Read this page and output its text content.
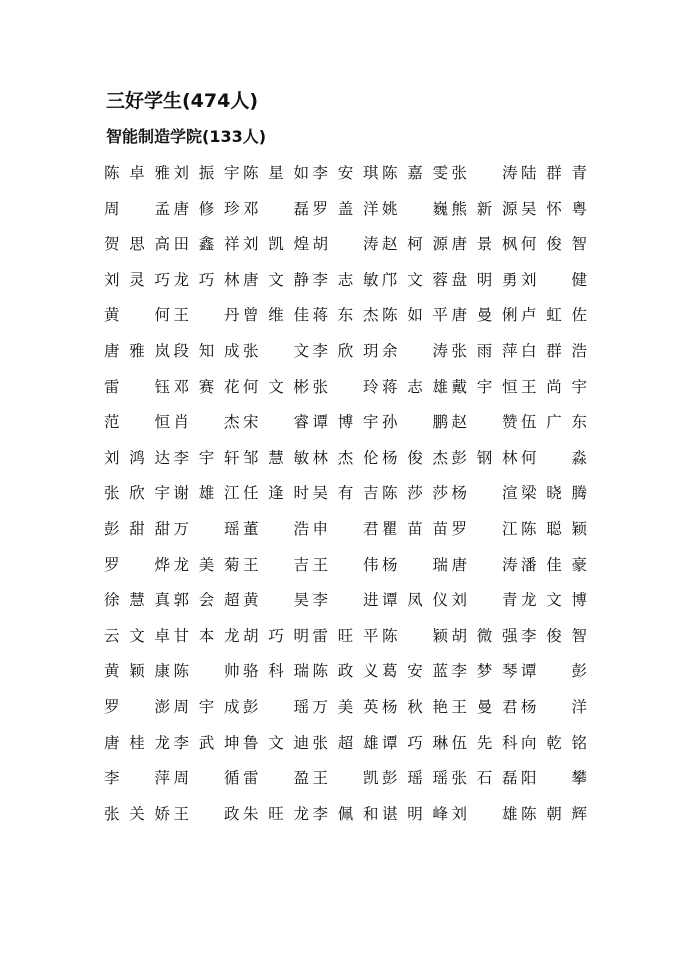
三好学生(474人)
智能制造学院(133人)
陈 卓 雅 刘 振 宇 陈 星 如 李 安 琪 陈 嘉 雯 张 涛 陆 群 青
周 孟 唐 修 珍 邓 磊 罗 盖 洋 姚 巍 熊 新 源 吴 怀 粤
贺 思 高 田 鑫 祥 刘 凯 煌 胡 涛 赵 柯 源 唐 景 枫 何 俊 智
刘 灵 巧 龙 巧 林 唐 文 静 李 志 敏 邝 文 蓉 盘 明 勇 刘 健
黄 何 王 丹 曾 维 佳 蒋 东 杰 陈 如 平 唐 曼 俐 卢 虹 佐
唐 雅 岚 段 知 成 张 文 李 欣 玥 余 涛 张 雨 萍 白 群 浩
雷 钰 邓 赛 花 何 文 彬 张 玲 蒋 志 雄 戴 宇 恒 王 尚 宇
范 恒 肖 杰 宋 睿 谭 博 宇 孙 鹏 赵 赞 伍 广 东
刘 鸿 达 李 宇 轩 邹 慧 敏 林 杰 伦 杨 俊 杰 彭 钢 林 何 淼
张 欣 宇 谢 雄 江 任 逢 时 吴 有 吉 陈 莎 莎 杨 渲 梁 晓 腾
彭 甜 甜 万 瑶 董 浩 申 君 瞿 苗 苗 罗 江 陈 聪 颖
罗 烨 龙 美 菊 王 吉 王 伟 杨 瑞 唐 涛 潘 佳 豪
徐 慧 真 郭 会 超 黄 昊 李 进 谭 凤 仪 刘 青 龙 文 博
云 文 卓 甘 本 龙 胡 巧 明 雷 旺 平 陈 颖 胡 微 强 李 俊 智
黄 颖 康 陈 帅 骆 科 瑞 陈 政 义 葛 安 蓝 李 梦 琴 谭 彭
罗 澎 周 宇 成 彭 瑶 万 美 英 杨 秋 艳 王 曼 君 杨 洋
唐 桂 龙 李 武 坤 鲁 文 迪 张 超 雄 谭 巧 琳 伍 先 科 向 乾 铭
李 萍 周 循 雷 盈 王 凯 彭 瑶 瑶 张 石 磊 阳 攀
张 关 娇 王 政 朱 旺 龙 李 佩 和 谌 明 峰 刘 雄 陈 朝 辉
